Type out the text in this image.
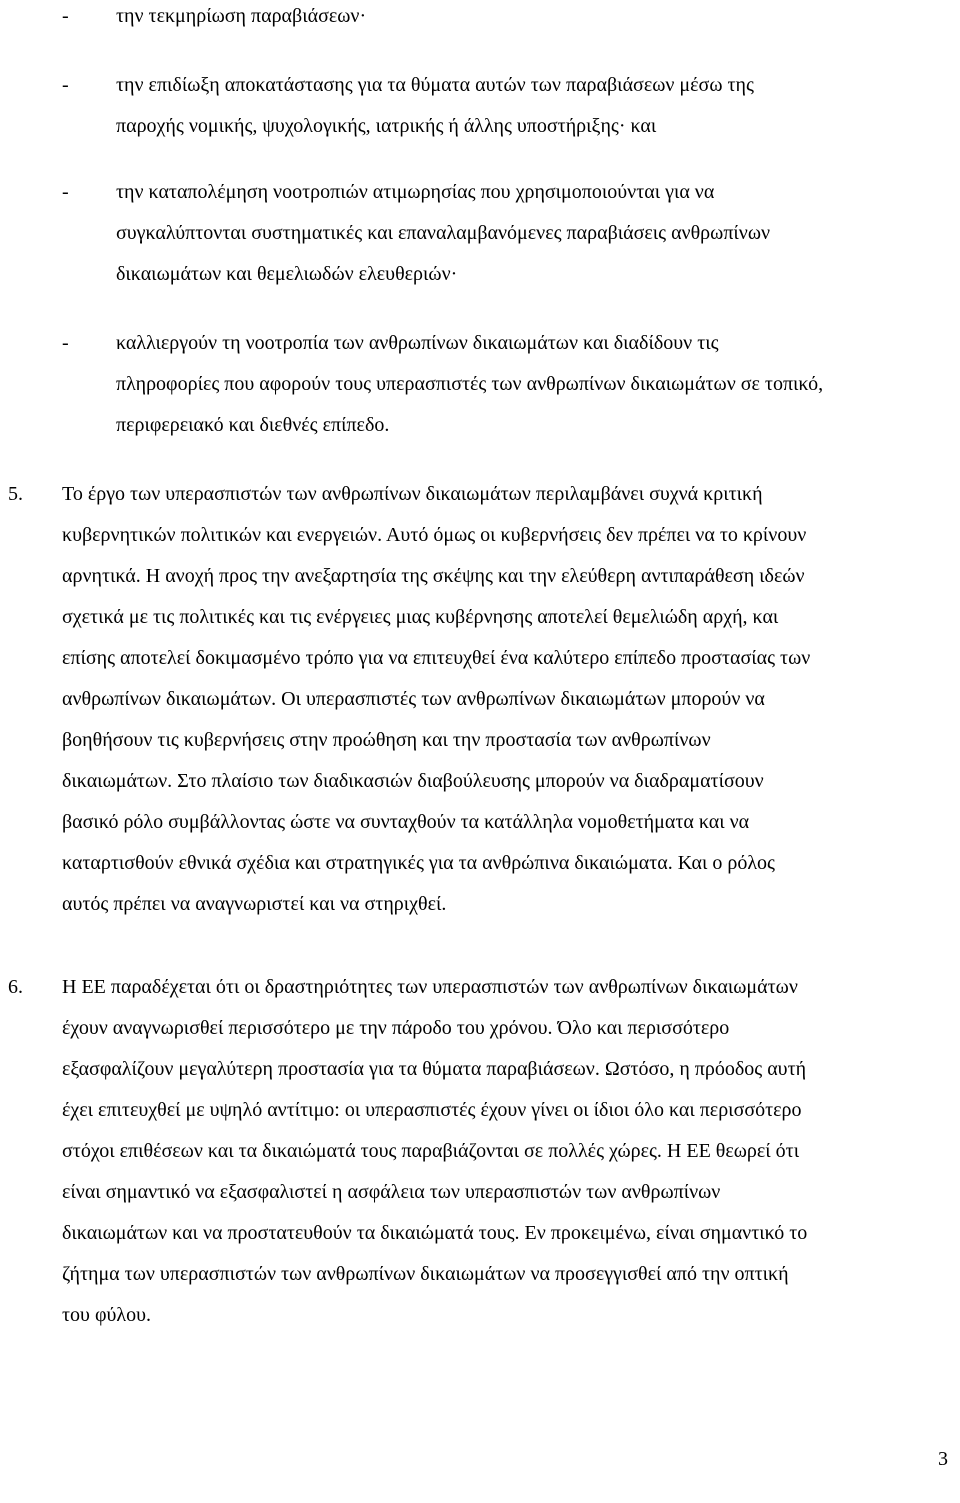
- την τεκμηρίωση παραβιάσεων·
- την επιδίωξη αποκατάστασης για τα θύματα αυτών των παραβιάσεων μέσω της
παροχής νομικής, ψυχολογικής, ιατρικής ή άλλης υποστήριξης· και
- την καταπολέμηση νοοτροπιών ατιμωρησίας που χρησιμοποιούνται για να
συγκαλύπτονται συστηματικές και επαναλαμβανόμενες παραβιάσεις ανθρωπίνων
δικαιωμάτων και θεμελιωδών ελευθεριών·
- καλλιεργούν τη νοοτροπία των ανθρωπίνων δικαιωμάτων και διαδίδουν τις
πληροφορίες που αφορούν τους υπερασπιστές των ανθρωπίνων δικαιωμάτων σε τοπικό,
περιφερειακό και διεθνές επίπεδο.
5. Το έργο των υπερασπιστών των ανθρωπίνων δικαιωμάτων περιλαμβάνει συχνά κριτική
κυβερνητικών πολιτικών και ενεργειών. Αυτό όμως οι κυβερνήσεις δεν πρέπει να το κρίνουν
αρνητικά. Η ανοχή προς την ανεξαρτησία της σκέψης και την ελεύθερη αντιπαράθεση ιδεών
σχετικά με τις πολιτικές και τις ενέργειες μιας κυβέρνησης αποτελεί θεμελιώδη αρχή, και
επίσης αποτελεί δοκιμασμένο τρόπο για να επιτευχθεί ένα καλύτερο επίπεδο προστασίας των
ανθρωπίνων δικαιωμάτων. Οι υπερασπιστές των ανθρωπίνων δικαιωμάτων μπορούν να
βοηθήσουν τις κυβερνήσεις στην προώθηση και την προστασία των ανθρωπίνων
δικαιωμάτων. Στο πλαίσιο των διαδικασιών διαβούλευσης μπορούν να διαδραματίσουν
βασικό ρόλο συμβάλλοντας ώστε να συνταχθούν τα κατάλληλα νομοθετήματα και να
καταρτισθούν εθνικά σχέδια και στρατηγικές για τα ανθρώπινα δικαιώματα. Και ο ρόλος
αυτός πρέπει να αναγνωριστεί και να στηριχθεί.
6. Η ΕΕ παραδέχεται ότι οι δραστηριότητες των υπερασπιστών των ανθρωπίνων δικαιωμάτων
έχουν αναγνωρισθεί περισσότερο με την πάροδο του χρόνου. Όλο και περισσότερο
εξασφαλίζουν μεγαλύτερη προστασία για τα θύματα παραβιάσεων. Ωστόσο, η πρόοδος αυτή
έχει επιτευχθεί με υψηλό αντίτιμο: οι υπερασπιστές έχουν γίνει οι ίδιοι όλο και περισσότερο
στόχοι επιθέσεων και τα δικαιώματά τους παραβιάζονται σε πολλές χώρες. Η ΕΕ θεωρεί ότι
είναι σημαντικό να εξασφαλιστεί η ασφάλεια των υπερασπιστών των ανθρωπίνων
δικαιωμάτων και να προστατευθούν τα δικαιώματά τους. Εν προκειμένω, είναι σημαντικό το
ζήτημα των υπερασπιστών των ανθρωπίνων δικαιωμάτων να προσεγγισθεί από την οπτική
του φύλου.
3
